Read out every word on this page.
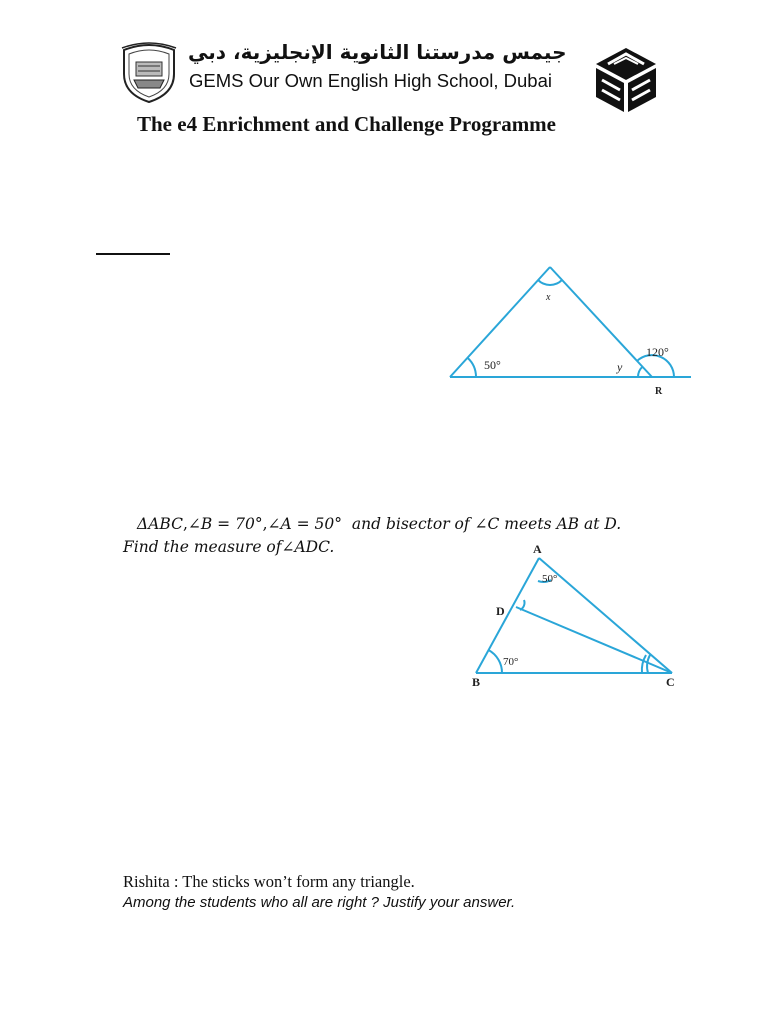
جيمس مدرستنا الثانوية الإنجليزية، دبي
GEMS Our Own English High School, Dubai
The e4 Enrichment and Challenge Programme
x
50°
120°
y
R
ΔABC,∠B = 70°,∠A = 50° and bisector of ∠C meets AB at D.
Find the measure of∠ADC.	A
50°
D
70°
B	C
Rishita : The sticks won’t form any triangle.
Among the students who all are right ? Justify your answer.
